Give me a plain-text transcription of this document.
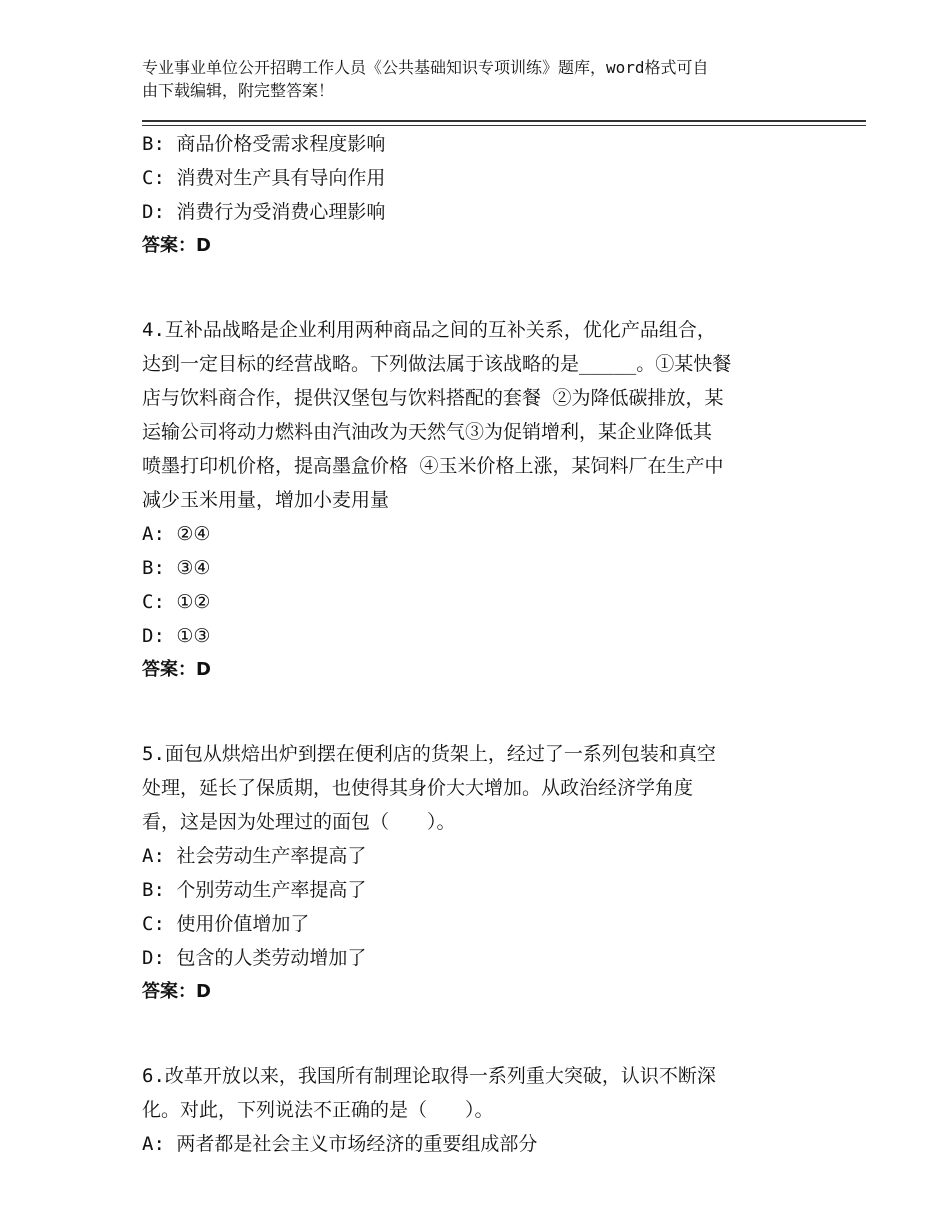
专业事业单位公开招聘工作人员《公共基础知识专项训练》题库，word格式可自
由下载编辑，附完整答案！
B: 商品价格受需求程度影响
C: 消费对生产具有导向作用
D: 消费行为受消费心理影响
答案：D
4.互补品战略是企业利用两种商品之间的互补关系，优化产品组合，
达到一定目标的经营战略。下列做法属于该战略的是_____。①某快餐
店与饮料商合作，提供汉堡包与饮料搭配的套餐 ②为降低碳排放，某
运输公司将动力燃料由汽油改为天然气③为促销增利，某企业降低其
喷墨打印机价格，提高墨盒价格 ④玉米价格上涨，某饲料厂在生产中
减少玉米用量，增加小麦用量
A: ②④
B: ③④
C: ①②
D: ①③
答案：D
5.面包从烘焙出炉到摆在便利店的货架上，经过了一系列包装和真空
处理，延长了保质期，也使得其身价大大增加。从政治经济学角度
看，这是因为处理过的面包（　　）。
A: 社会劳动生产率提高了
B: 个别劳动生产率提高了
C: 使用价值增加了
D: 包含的人类劳动增加了
答案：D
6.改革开放以来，我国所有制理论取得一系列重大突破，认识不断深
化。对此，下列说法不正确的是（　　）。
A: 两者都是社会主义市场经济的重要组成部分
